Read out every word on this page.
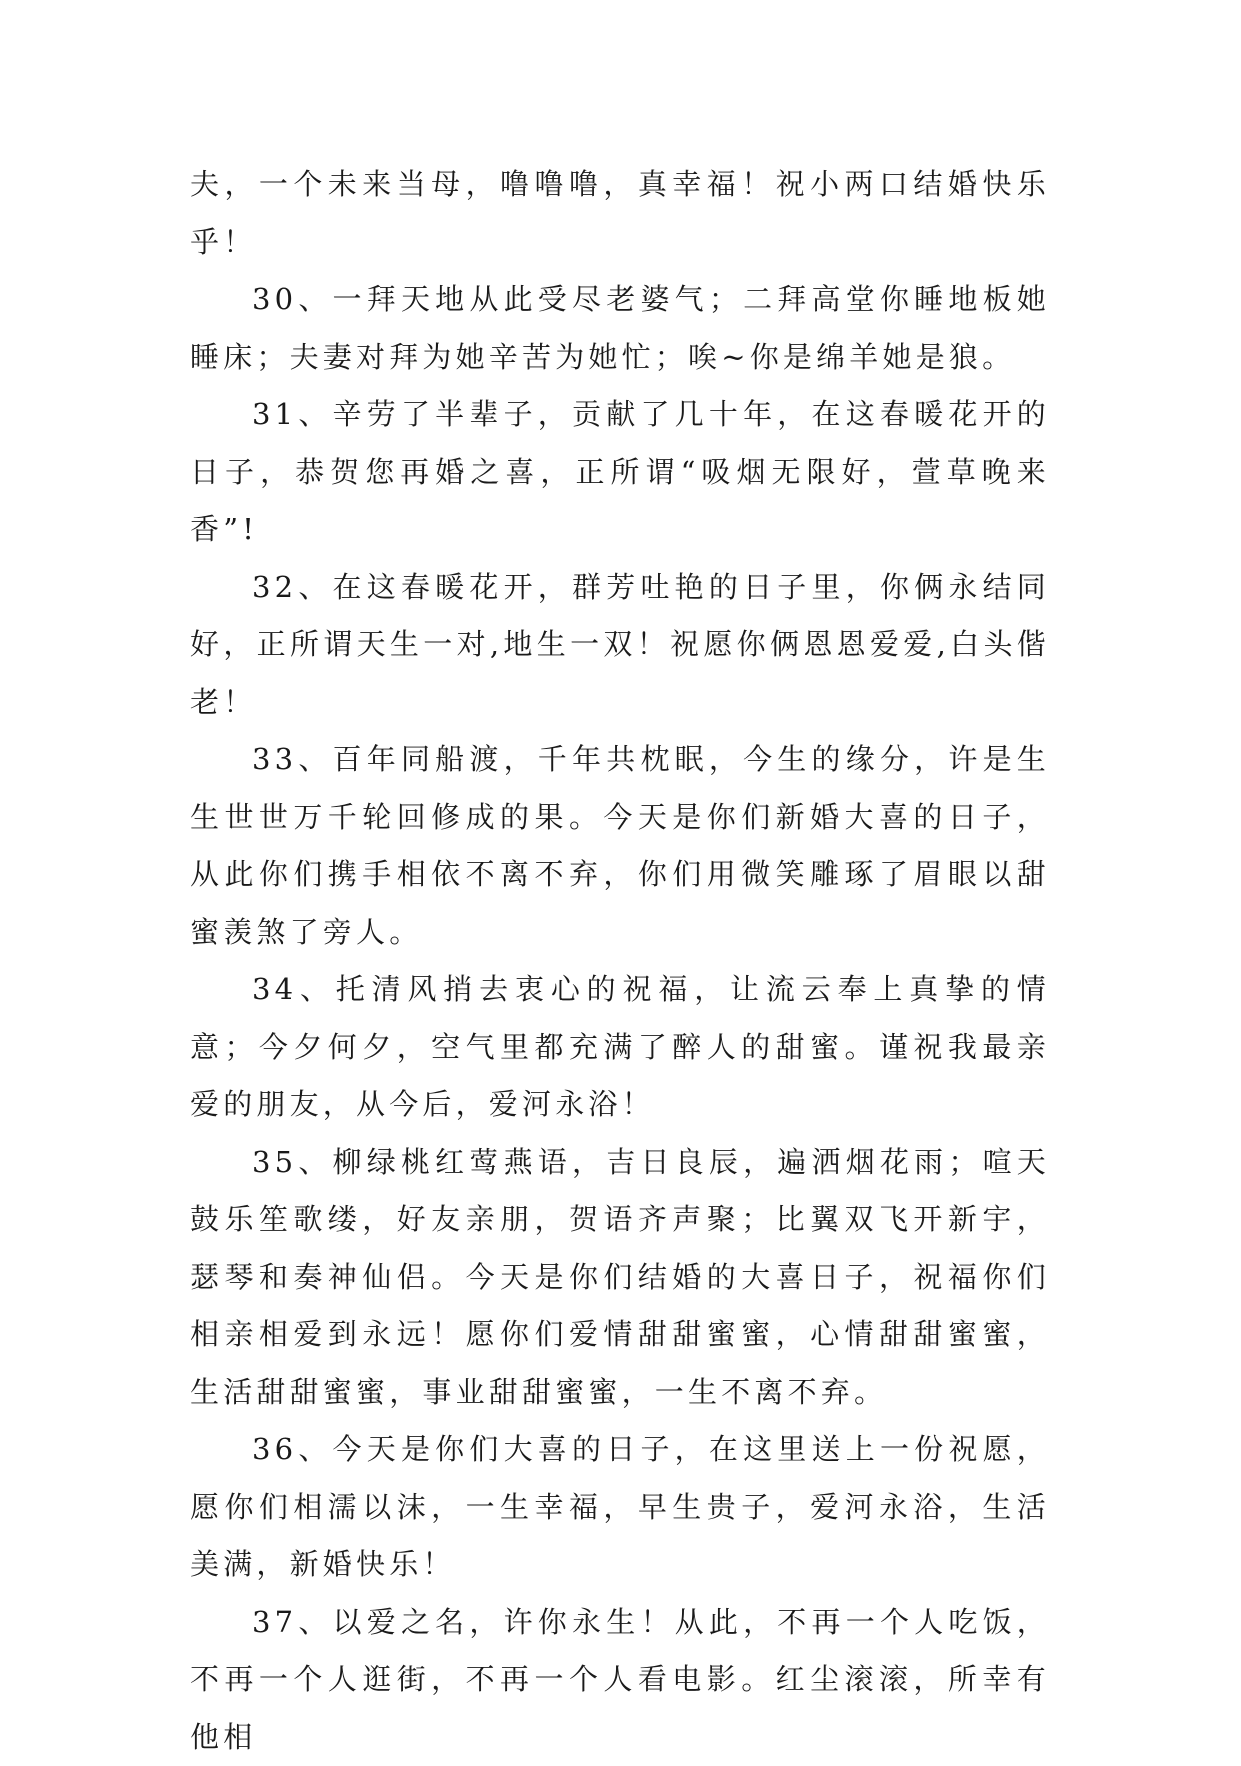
夫，一个未来当母，噜噜噜，真幸福！祝小两口结婚快乐乎！

30、一拜天地从此受尽老婆气；二拜高堂你睡地板她睡床；夫妻对拜为她辛苦为她忙；唉~你是绵羊她是狼。

31、辛劳了半辈子，贡献了几十年，在这春暖花开的日子，恭贺您再婚之喜，正所谓“吸烟无限好，萱草晚来香”!

32、在这春暖花开，群芳吐艳的日子里，你俩永结同好，正所谓天生一对,地生一双！祝愿你俩恩恩爱爱,白头偕老！

33、百年同船渡，千年共枕眠，今生的缘分，许是生生世世万千轮回修成的果。今天是你们新婚大喜的日子，从此你们携手相依不离不弃，你们用微笑雕琢了眉眼以甜蜜羡煞了旁人。

34、托清风捎去衷心的祝福，让流云奉上真挚的情意；今夕何夕，空气里都充满了醉人的甜蜜。谨祝我最亲爱的朋友，从今后，爱河永浴！

35、柳绿桃红莺燕语，吉日良辰，遍洒烟花雨；喧天鼓乐笙歌缕，好友亲朋，贺语齐声聚；比翼双飞开新宇，瑟琴和奏神仙侣。今天是你们结婚的大喜日子，祝福你们相亲相爱到永远！愿你们爱情甜甜蜜蜜，心情甜甜蜜蜜，生活甜甜蜜蜜，事业甜甜蜜蜜，一生不离不弃。

36、今天是你们大喜的日子，在这里送上一份祝愿，愿你们相濡以沫，一生幸福，早生贵子，爱河永浴，生活美满，新婚快乐！

37、以爱之名，许你永生！从此，不再一个人吃饭，不再一个人逛街，不再一个人看电影。红尘滚滚，所幸有他相
